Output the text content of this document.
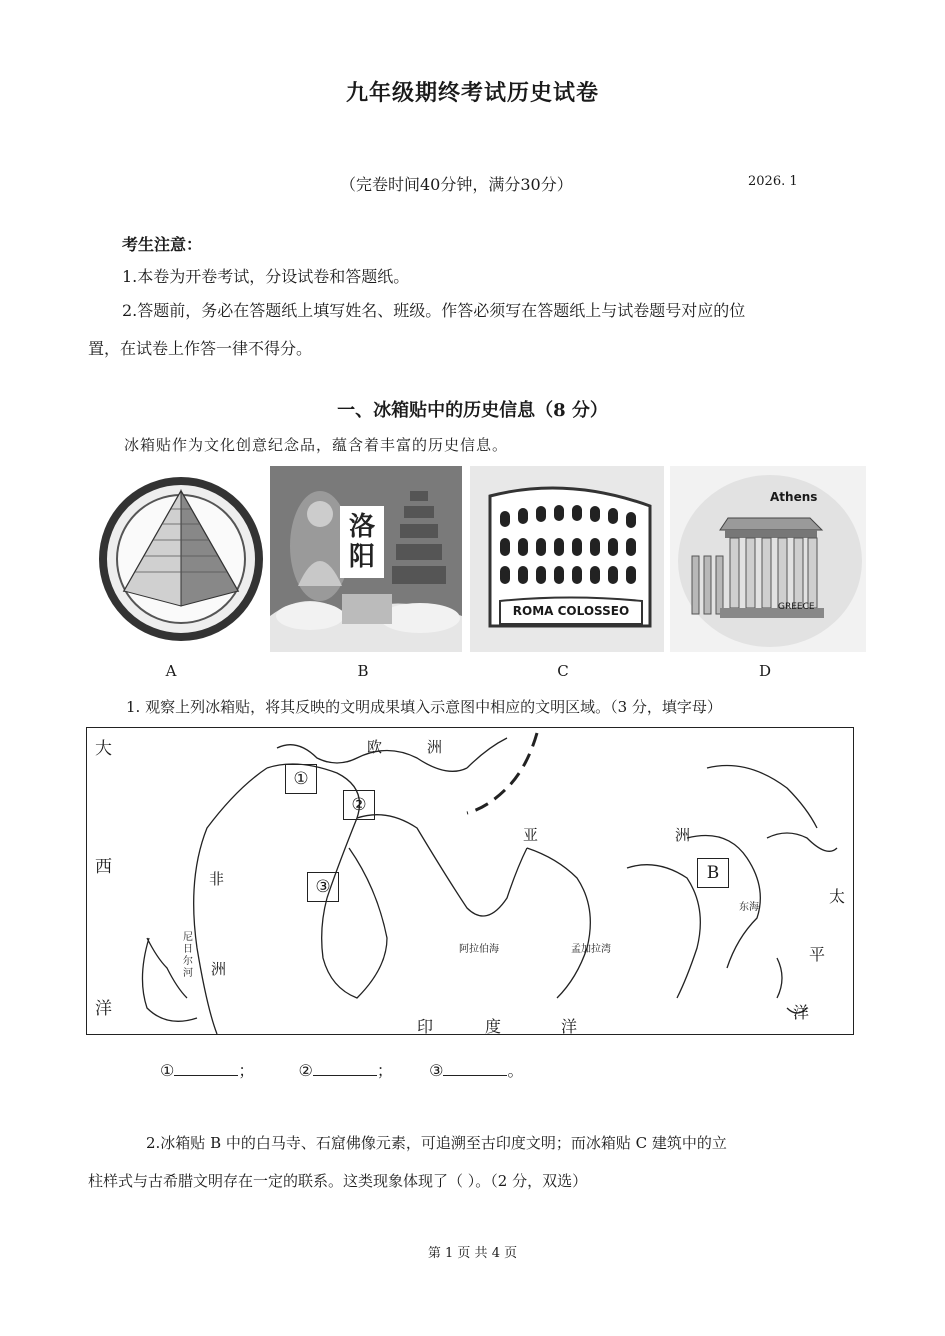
九年级期终考试历史试卷
（完卷时间40分钟，满分30分）	2026. 1
考生注意：
1.本卷为开卷考试，分设试卷和答题纸。
2.答题前，务必在答题纸上填写姓名、班级。作答必须写在答题纸上与试卷题号对应的位
置，在试卷上作答一律不得分。
一、冰箱贴中的历史信息（8 分）
冰箱贴作为文化创意纪念品，蕴含着丰富的历史信息。
洛阳
ROMA COLOSSEO
Athens
GREECE
A	B	C	D
1. 观察上列冰箱贴，将其反映的文明成果填入示意图中相应的文明区域。（3 分，填字母）
大
西
洋
欧	洲
非
洲
亚	洲
太
平
洋
印	度	洋
阿拉伯海	孟加拉湾
东海
尼日尔河
①
②
③
B
①	；	②	； ③	。
2.冰箱贴 B 中的白马寺、石窟佛像元素，可追溯至古印度文明；而冰箱贴 C 建筑中的立
柱样式与古希腊文明存在一定的联系。这类现象体现了（ ）。（2 分，双选）
第 1 页 共 4 页
